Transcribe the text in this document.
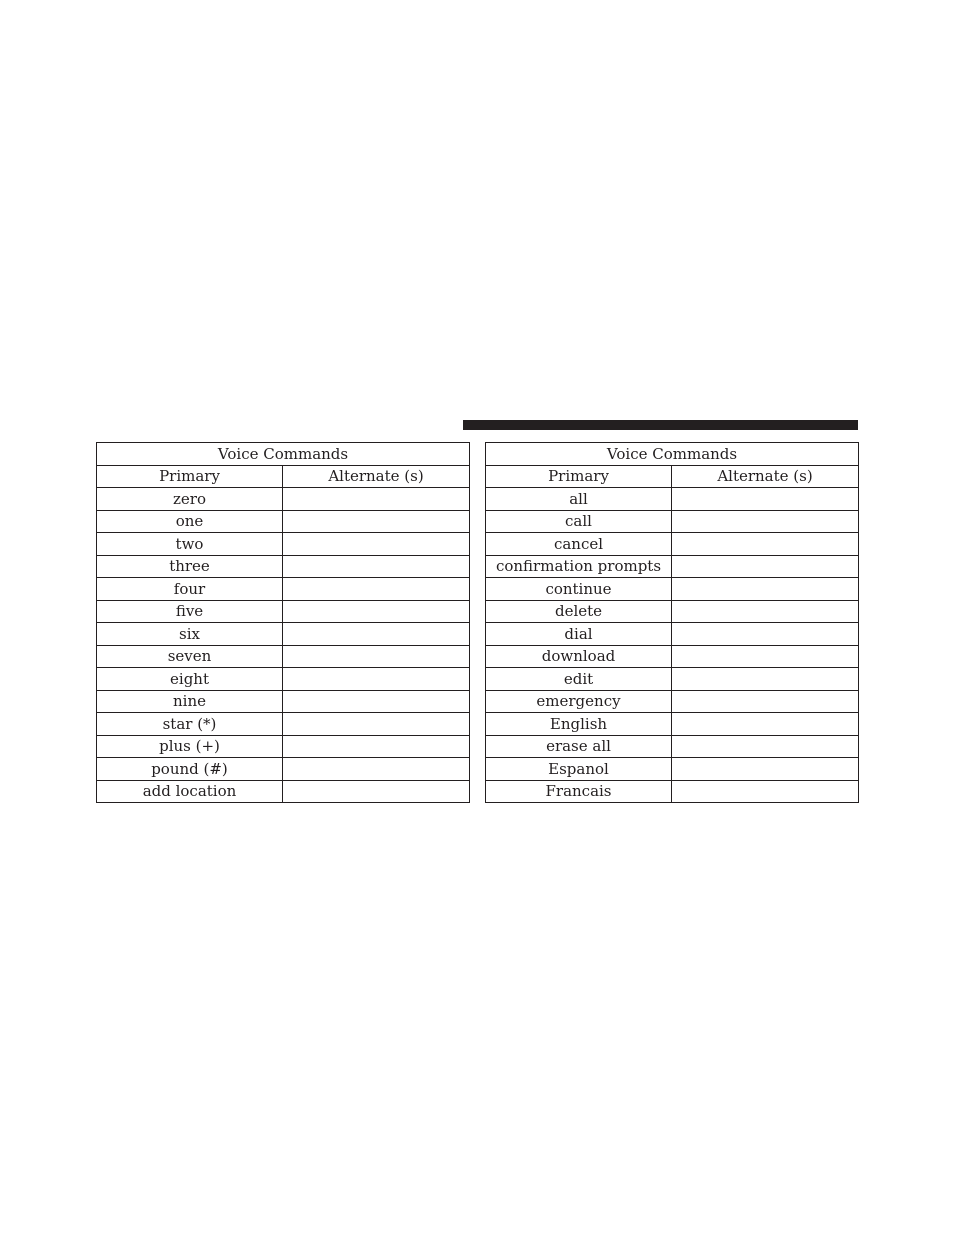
Voice Commands	
Primary	Alternate (s)
zero	
one	
two	
three	
four	
five	
six	
seven	
eight	
nine	
star (*)	
plus (+)	
pound (#)	
add location	
Voice Commands	
Primary	Alternate (s)
all	
call	
cancel	
confirmation prompts	
continue	
delete	
dial	
download	
edit	
emergency	
English	
erase all	
Espanol	
Francais	
